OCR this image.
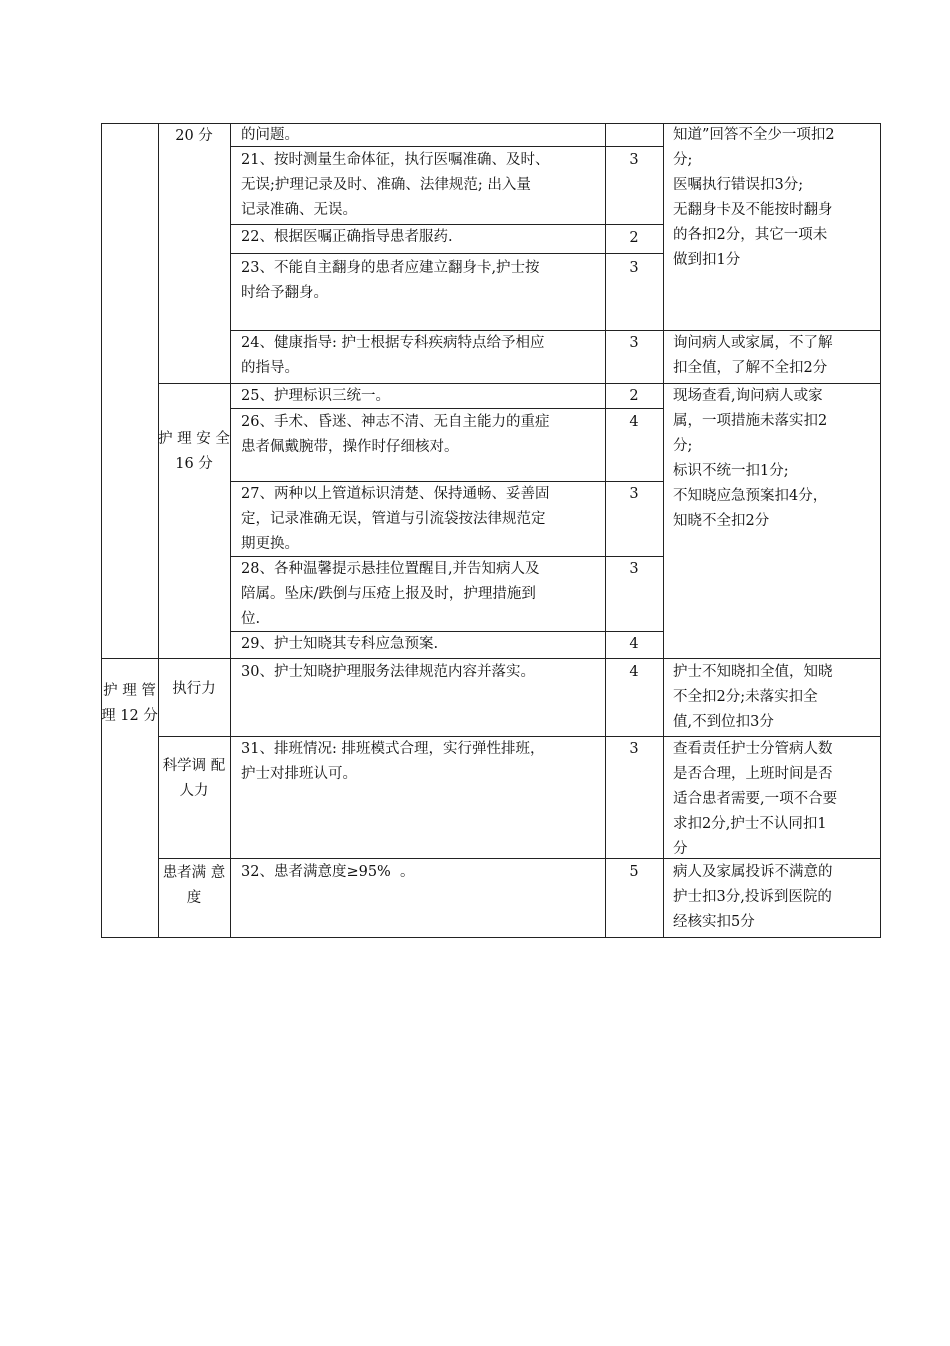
护 理 管 理 12 分
20 分
护 理 安 全 16 分
执行力
科学调 配人力
患者满 意度
的问题。
21、按时测量生命体征，执行医嘱准确、及时、
无误;护理记录及时、准确、法律规范; 出入量
记录准确、无误。
22、根据医嘱正确指导患者服药.
23、不能自主翻身的患者应建立翻身卡,护士按
时给予翻身。
24、健康指导: 护士根据专科疾病特点给予相应
的指导。
25、护理标识三统一。
26、手术、昏迷、神志不清、无自主能力的重症
患者佩戴腕带，操作时仔细核对。
27、两种以上管道标识清楚、保持通畅、妥善固
定，记录准确无误，管道与引流袋按法律规范定
期更换。
28、各种温馨提示悬挂位置醒目,并告知病人及
陪属。坠床/跌倒与压疮上报及时，护理措施到
位.
29、护士知晓其专科应急预案.
30、护士知晓护理服务法律规范内容并落实。
31、排班情况: 排班模式合理，实行弹性排班，
护士对排班认可。
32、患者满意度≥95%  。
3
2
3
3
2
4
3
3
4
4
3
5
知道”回答不全少一项扣2
分;
医嘱执行错误扣3分;
无翻身卡及不能按时翻身
的各扣2分，其它一项未
做到扣1分
询问病人或家属，不了解
扣全值，了解不全扣2分
现场查看,询问病人或家
属，一项措施未落实扣2
分;
标识不统一扣1分;
不知晓应急预案扣4分，
知晓不全扣2分
护士不知晓扣全值，知晓
不全扣2分;未落实扣全
值,不到位扣3分
查看责任护士分管病人数
是否合理，上班时间是否
适合患者需要,一项不合要
求扣2分,护士不认同扣1
分
病人及家属投诉不满意的
护士扣3分,投诉到医院的
经核实扣5分
